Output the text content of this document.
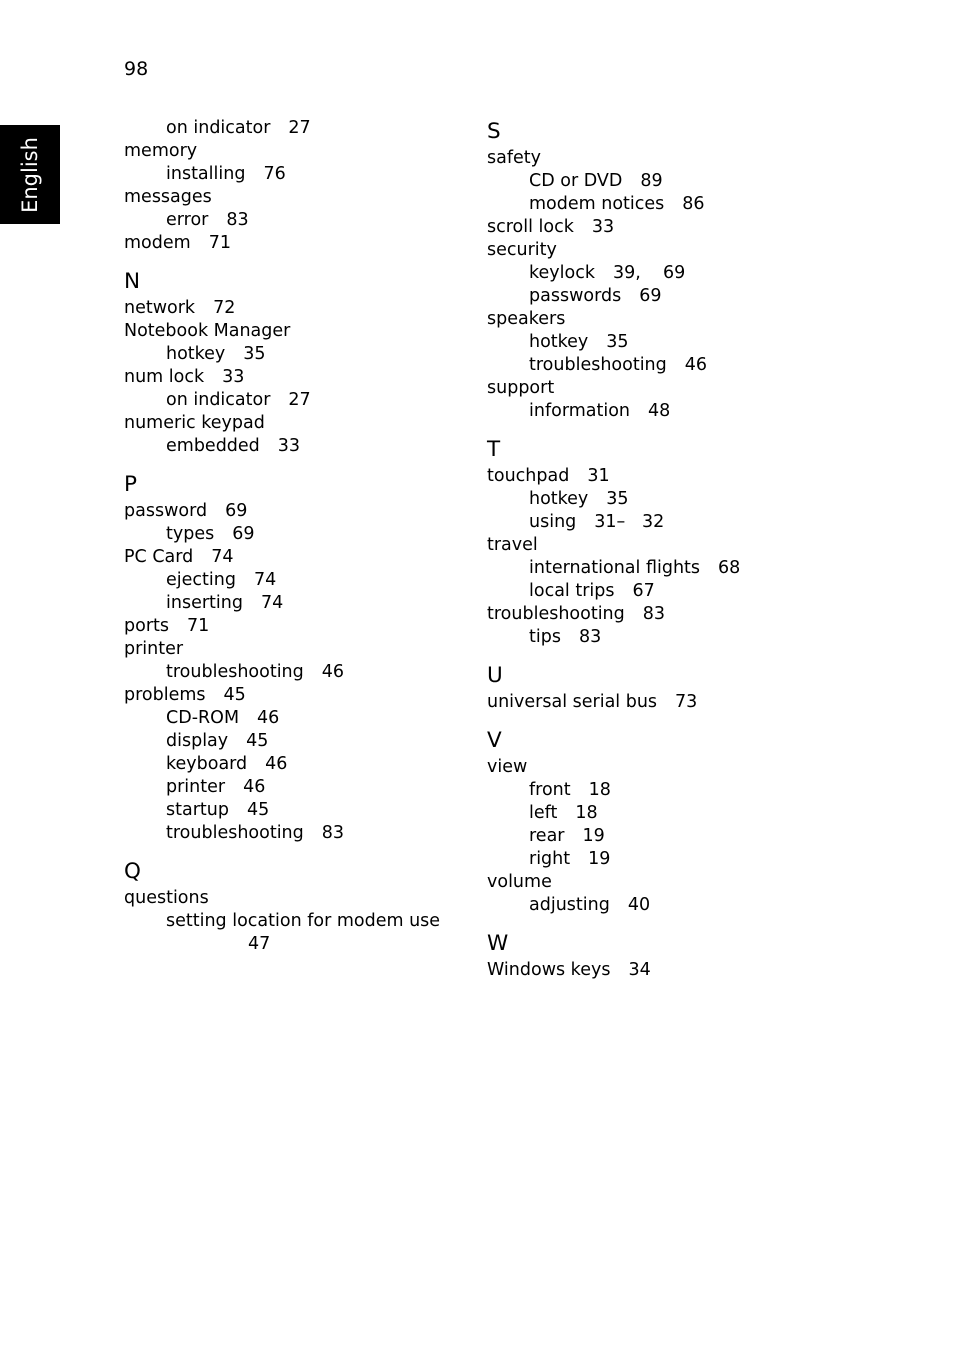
98
English
on indicator 27
memory
installing 76
messages
error 83
modem 71
N
network 72
Notebook Manager
hotkey 35
num lock 33
on indicator 27
numeric keypad
embedded 33
P
password 69
types 69
PC Card 74
ejecting 74
inserting 74
ports 71
printer
troubleshooting 46
problems 45
CD-ROM 46
display 45
keyboard 46
printer 46
startup 45
troubleshooting 83
Q
questions
setting location for modem use
47
S
safety
CD or DVD 89
modem notices 86
scroll lock 33
security
keylock 39,    69
passwords 69
speakers
hotkey 35
troubleshooting 46
support
information 48
T
touchpad 31
hotkey 35
using 31–   32
travel
international flights 68
local trips 67
troubleshooting 83
tips 83
U
universal serial bus 73
V
view
front 18
left 18
rear 19
right 19
volume
adjusting 40
W
Windows keys 34
